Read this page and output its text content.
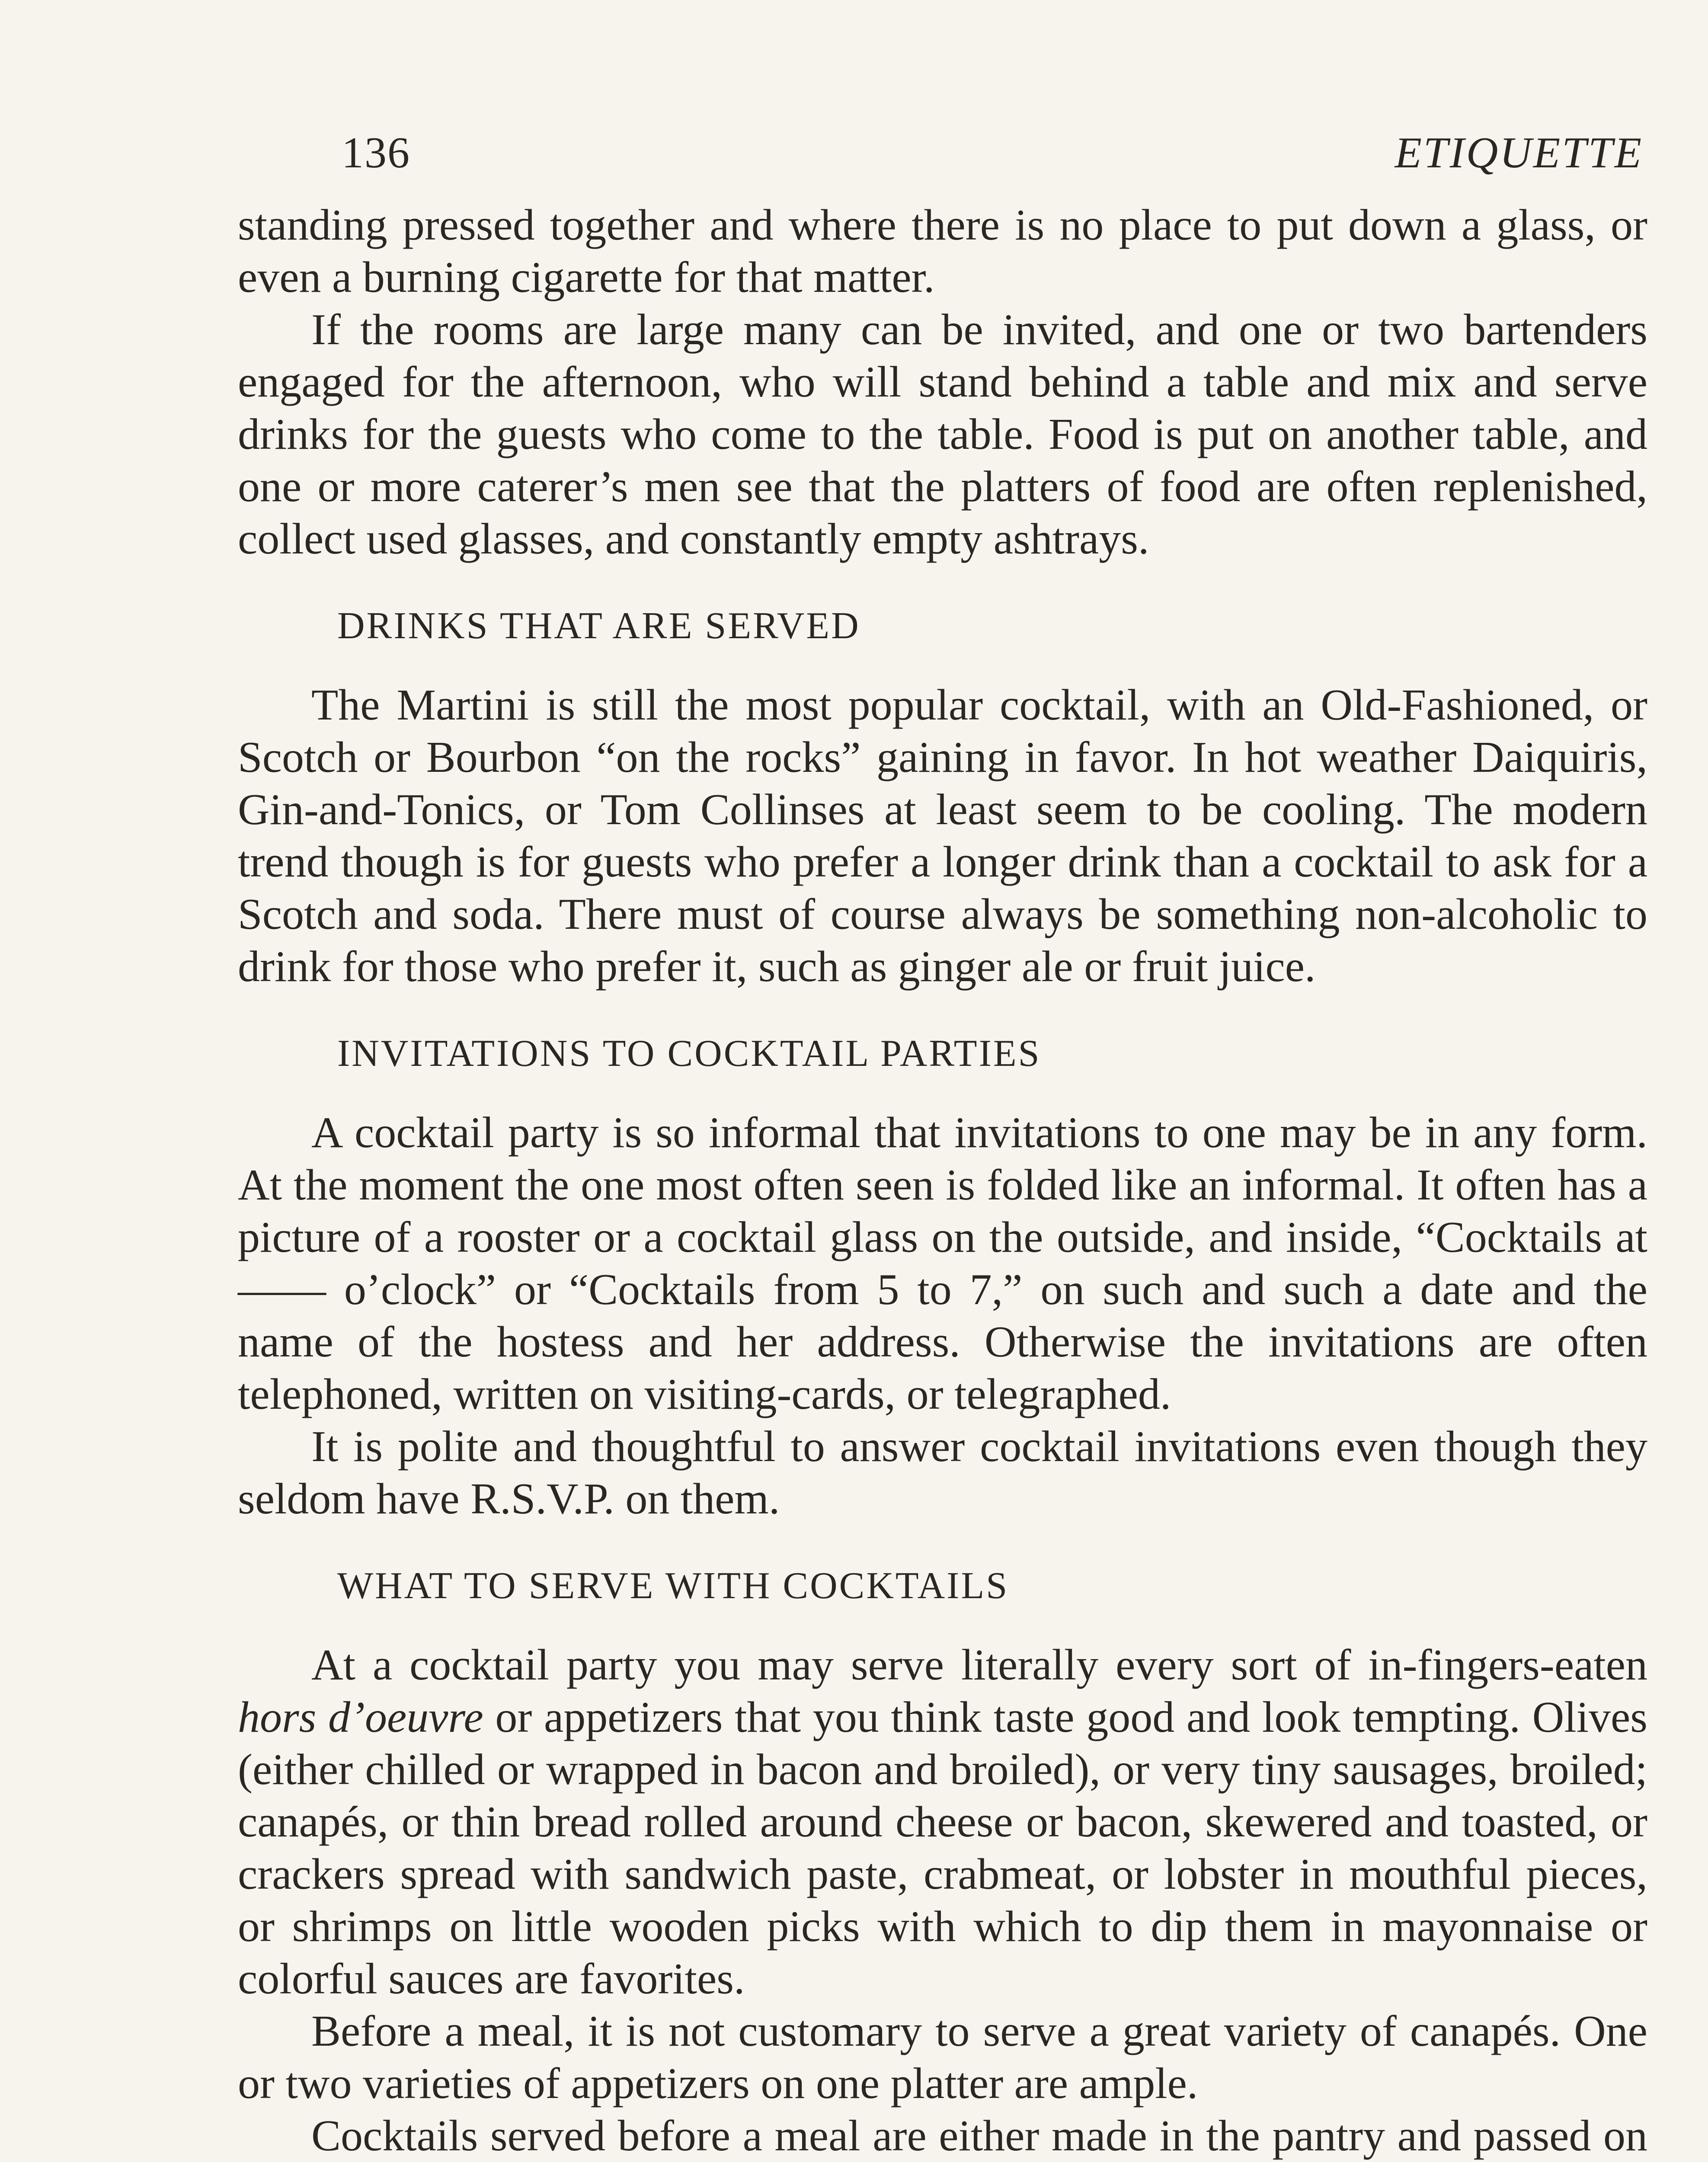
136	ETIQUETTE

standing pressed together and where there is no place to put down a glass, or even a burning cigarette for that matter.

If the rooms are large many can be invited, and one or two bartenders engaged for the afternoon, who will stand behind a table and mix and serve drinks for the guests who come to the table. Food is put on another table, and one or more caterer’s men see that the platters of food are often replenished, collect used glasses, and constantly empty ashtrays.

DRINKS THAT ARE SERVED

The Martini is still the most popular cocktail, with an Old-Fashioned, or Scotch or Bourbon “on the rocks” gaining in favor. In hot weather Daiquiris, Gin-and-Tonics, or Tom Collinses at least seem to be cooling. The modern trend though is for guests who prefer a longer drink than a cocktail to ask for a Scotch and soda. There must of course always be something non-alcoholic to drink for those who prefer it, such as ginger ale or fruit juice.

INVITATIONS TO COCKTAIL PARTIES

A cocktail party is so informal that invitations to one may be in any form. At the moment the one most often seen is folded like an informal. It often has a picture of a rooster or a cocktail glass on the outside, and inside, “Cocktails at —— o’clock” or “Cocktails from 5 to 7,” on such and such a date and the name of the hostess and her address. Otherwise the invitations are often telephoned, written on visiting-cards, or telegraphed.

It is polite and thoughtful to answer cocktail invitations even though they seldom have R.S.V.P. on them.

WHAT TO SERVE WITH COCKTAILS

At a cocktail party you may serve literally every sort of in-fingers-eaten hors d’oeuvre or appetizers that you think taste good and look tempting. Olives (either chilled or wrapped in bacon and broiled), or very tiny sausages, broiled; canapés, or thin bread rolled around cheese or bacon, skewered and toasted, or crackers spread with sandwich paste, crabmeat, or lobster in mouthful pieces, or shrimps on little wooden picks with which to dip them in mayonnaise or colorful sauces are favorites.

Before a meal, it is not customary to serve a great variety of canapés. One or two varieties of appetizers on one platter are ample.

Cocktails served before a meal are either made in the pantry and passed on
